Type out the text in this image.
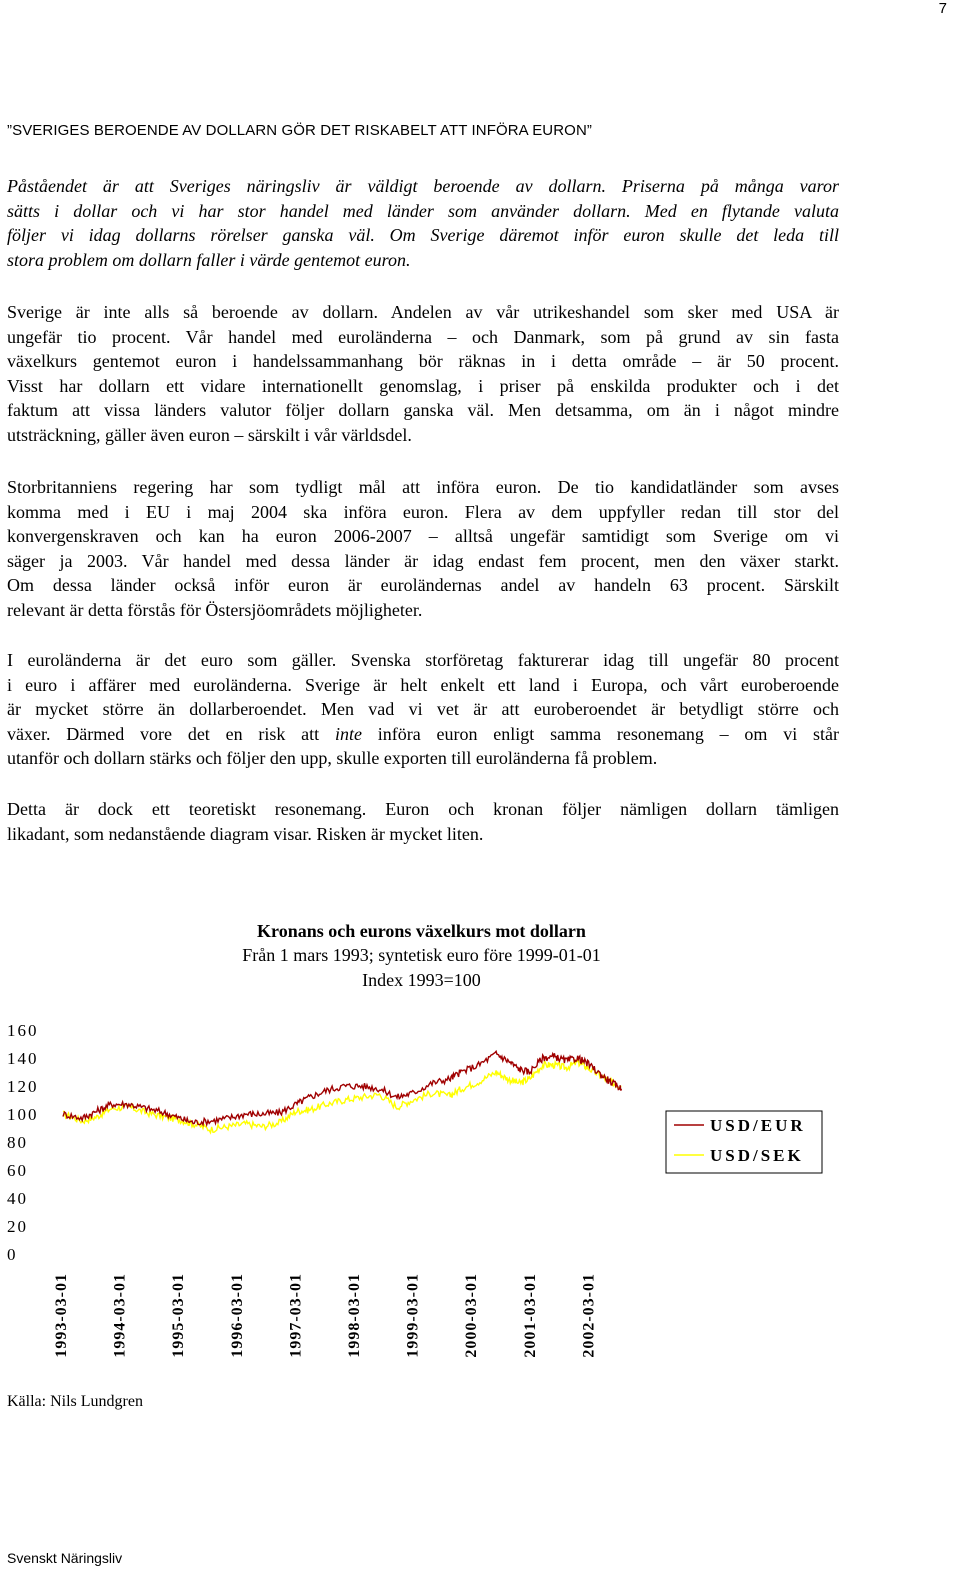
7
”SVERIGES BEROENDE AV DOLLARN GÖR DET RISKABELT ATT INFÖRA EURON”
Påståendet är att Sveriges näringsliv är väldigt beroende av dollarn. Priserna på många varor
sätts i dollar och vi har stor handel med länder som använder dollarn. Med en flytande valuta
följer vi idag dollarns rörelser ganska väl. Om Sverige däremot inför euron skulle det leda till
stora problem om dollarn faller i värde gentemot euron.
Sverige är inte alls så beroende av dollarn. Andelen av vår utrikeshandel som sker med USA är
ungefär tio procent. Vår handel med euroländerna – och Danmark, som på grund av sin fasta
växelkurs gentemot euron i handelssammanhang bör räknas in i detta område – är 50 procent.
Visst har dollarn ett vidare internationellt genomslag, i priser på enskilda produkter och i det
faktum att vissa länders valutor följer dollarn ganska väl. Men detsamma, om än i något mindre
utsträckning, gäller även euron – särskilt i vår världsdel.
Storbritanniens regering har som tydligt mål att införa euron. De tio kandidatländer som avses
komma med i EU i maj 2004 ska införa euron. Flera av dem uppfyller redan till stor del
konvergenskraven och kan ha euron 2006-2007 – alltså ungefär samtidigt som Sverige om vi
säger ja 2003. Vår handel med dessa länder är idag endast fem procent, men den växer starkt.
Om dessa länder också inför euron är euroländernas andel av handeln 63 procent. Särskilt
relevant är detta förstås för Östersjöområdets möjligheter.
I euroländerna är det euro som gäller. Svenska storföretag fakturerar idag till ungefär 80 procent
i euro i affärer med euroländerna. Sverige är helt enkelt ett land i Europa, och vårt euroberoende
är mycket större än dollarberoendet. Men vad vi vet är att euroberoendet är betydligt större och
växer. Därmed vore det en risk att inte införa euron enligt samma resonemang – om vi står
utanför och dollarn stärks och följer den upp, skulle exporten till euroländerna få problem.
Detta är dock ett teoretiskt resonemang. Euron och kronan följer nämligen dollarn tämligen
likadant, som nedanstående diagram visar. Risken är mycket liten.
Kronans och eurons växelkurs mot dollarn
Från 1 mars 1993; syntetisk euro före 1999-01-01
Index 1993=100
160
140
120
100
80
60
40
20
0
1993-03-01	1994-03-01	1995-03-01	1996-03-01	1997-03-01	1998-03-01	1999-03-01	2000-03-01	2001-03-01	2002-03-01
USD/EUR
USD/SEK
Källa: Nils Lundgren
Svenskt Näringsliv
